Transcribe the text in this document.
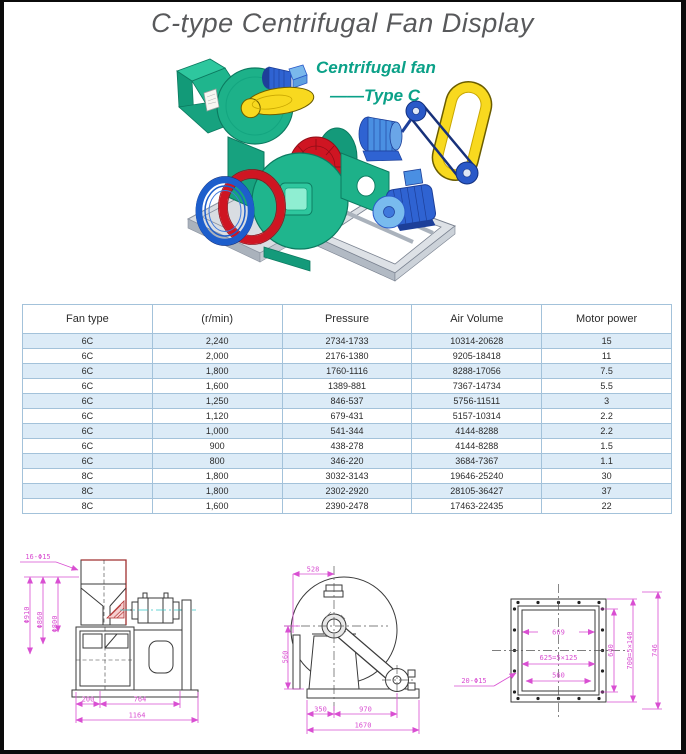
C-type Centrifugal Fan Display
Centrifugal fan
——Type C
Fan type	(r/min)	Pressure	Air Volume	Motor power
6C	2,240	2734-1733	10314-20628	15
6C	2,000	2176-1380	9205-18418	11
6C	1,800	1760-1116	8288-17056	7.5
6C	1,600	1389-881	7367-14734	5.5
6C	1,250	846-537	5756-11511	3
6C	1,120	679-431	5157-10314	2.2
6C	1,000	541-344	4144-8288	2.2
6C	900	438-278	4144-8288	1.5
6C	800	346-220	3684-7367	1.1
8C	1,800	3032-3143	19646-25240	30
8C	1,800	2302-2920	28105-36427	37
8C	1,600	2390-2478	17463-22435	22
16-Φ15
Φ910 Φ860 Φ800
200	764
1164
528
560
350	970
1670
669
625=5×125
560
640 700=5×140 746
20-Φ15
